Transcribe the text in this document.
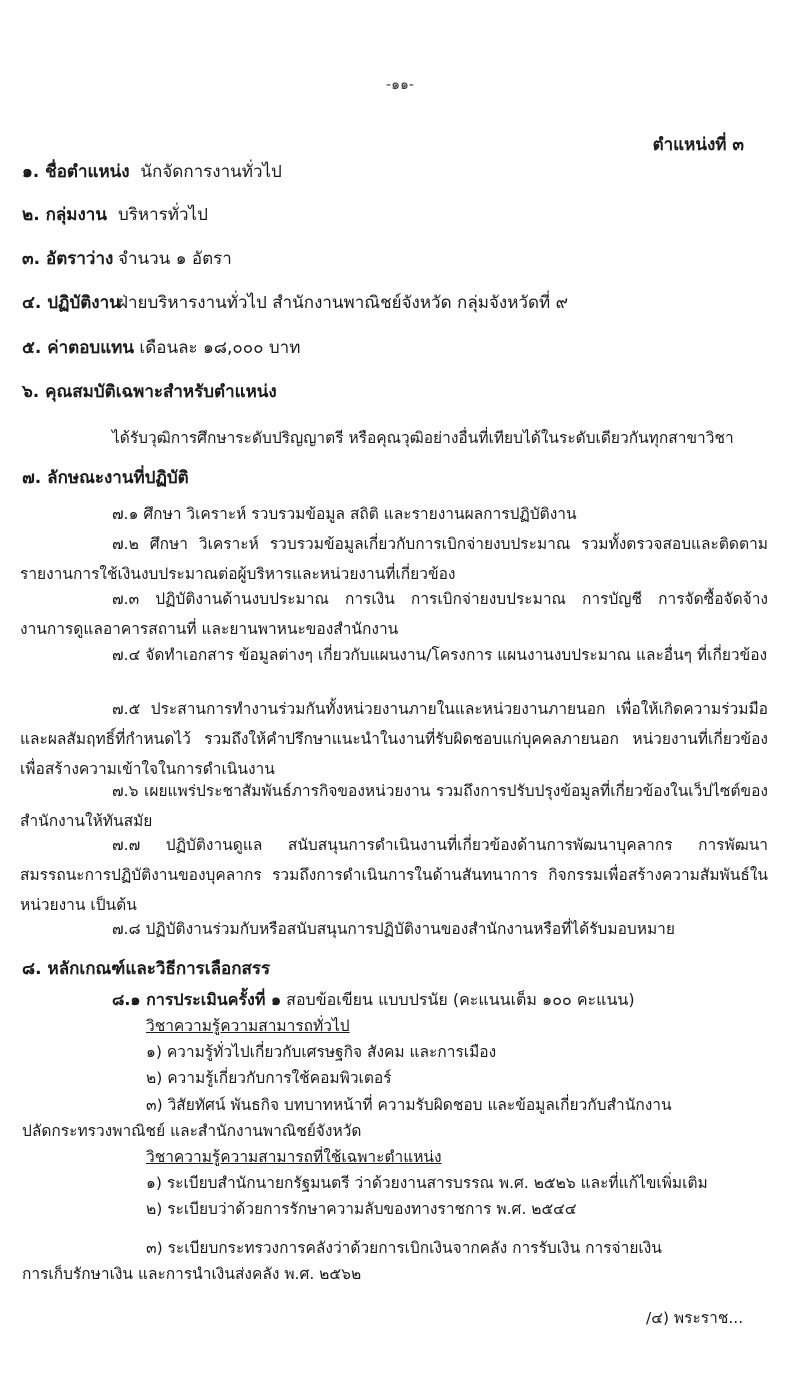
-๑๑-
ตำแหน่งที่ ๓
๑. ชื่อตำแหน่ง นักจัดการงานทั่วไป
๒. กลุ่มงาน บริหารทั่วไป
๓. อัตราว่าง จำนวน ๑ อัตรา
๔. ปฏิบัติงานฝ่ายบริหารงานทั่วไป สำนักงานพาณิชย์จังหวัด กลุ่มจังหวัดที่ ๙
๕. ค่าตอบแทน เดือนละ ๑๘,๐๐๐ บาท
๖. คุณสมบัติเฉพาะสำหรับตำแหน่ง
ได้รับวุฒิการศึกษาระดับปริญญาตรี หรือคุณวุฒิอย่างอื่นที่เทียบได้ในระดับเดียวกันทุกสาขาวิชา
๗. ลักษณะงานที่ปฏิบัติ
๗.๑ ศึกษา วิเคราะห์ รวบรวมข้อมูล สถิติ และรายงานผลการปฏิบัติงาน
๗.๒ ศึกษา วิเคราะห์ รวบรวมข้อมูลเกี่ยวกับการเบิกจ่ายงบประมาณ รวมทั้งตรวจสอบและติดตามรายงานการใช้เงินงบประมาณต่อผู้บริหารและหน่วยงานที่เกี่ยวข้อง
๗.๓ ปฏิบัติงานด้านงบประมาณ การเงิน การเบิกจ่ายงบประมาณ การบัญชี การจัดซื้อจัดจ้าง งานการดูแลอาคารสถานที่ และยานพาหนะของสำนักงาน
๗.๔ จัดทำเอกสาร ข้อมูลต่างๆ เกี่ยวกับแผนงาน/โครงการ แผนงานงบประมาณ และอื่นๆ ที่เกี่ยวข้อง
๗.๕ ประสานการทำงานร่วมกันทั้งหน่วยงานภายในและหน่วยงานภายนอก เพื่อให้เกิดความร่วมมือและผลสัมฤทธิ์ที่กำหนดไว้ รวมถึงให้คำปรึกษาแนะนำในงานที่รับผิดชอบแก่บุคคลภายนอก หน่วยงานที่เกี่ยวข้อง เพื่อสร้างความเข้าใจในการดำเนินงาน
๗.๖ เผยแพร่ประชาสัมพันธ์ภารกิจของหน่วยงาน รวมถึงการปรับปรุงข้อมูลที่เกี่ยวข้องในเว็ปไซต์ของสำนักงานให้ทันสมัย
๗.๗ ปฏิบัติงานดูแล สนับสนุนการดำเนินงานที่เกี่ยวข้องด้านการพัฒนาบุคลากร การพัฒนาสมรรถนะการปฏิบัติงานของบุคลากร รวมถึงการดำเนินการในด้านสันทนาการ กิจกรรมเพื่อสร้างความสัมพันธ์ในหน่วยงาน เป็นต้น
๗.๘ ปฏิบัติงานร่วมกับหรือสนับสนุนการปฏิบัติงานของสำนักงานหรือที่ได้รับมอบหมาย
๘. หลักเกณฑ์และวิธีการเลือกสรร
๘.๑ การประเมินครั้งที่ ๑ สอบข้อเขียน แบบปรนัย (คะแนนเต็ม ๑๐๐ คะแนน)
วิชาความรู้ความสามารถทั่วไป
๑) ความรู้ทั่วไปเกี่ยวกับเศรษฐกิจ สังคม และการเมือง
๒) ความรู้เกี่ยวกับการใช้คอมพิวเตอร์
๓) วิสัยทัศน์ พันธกิจ บทบาทหน้าที่ ความรับผิดชอบ และข้อมูลเกี่ยวกับสำนักงาน
ปลัดกระทรวงพาณิชย์ และสำนักงานพาณิชย์จังหวัด
วิชาความรู้ความสามารถที่ใช้เฉพาะตำแหน่ง
๑) ระเบียบสำนักนายกรัฐมนตรี ว่าด้วยงานสารบรรณ พ.ศ. ๒๕๒๖ และที่แก้ไขเพิ่มเติม
๒) ระเบียบว่าด้วยการรักษาความลับของทางราชการ พ.ศ. ๒๕๔๔
๓) ระเบียบกระทรวงการคลังว่าด้วยการเบิกเงินจากคลัง การรับเงิน การจ่ายเงิน
การเก็บรักษาเงิน และการนำเงินส่งคลัง พ.ศ. ๒๕๖๒
/๔) พระราช...
